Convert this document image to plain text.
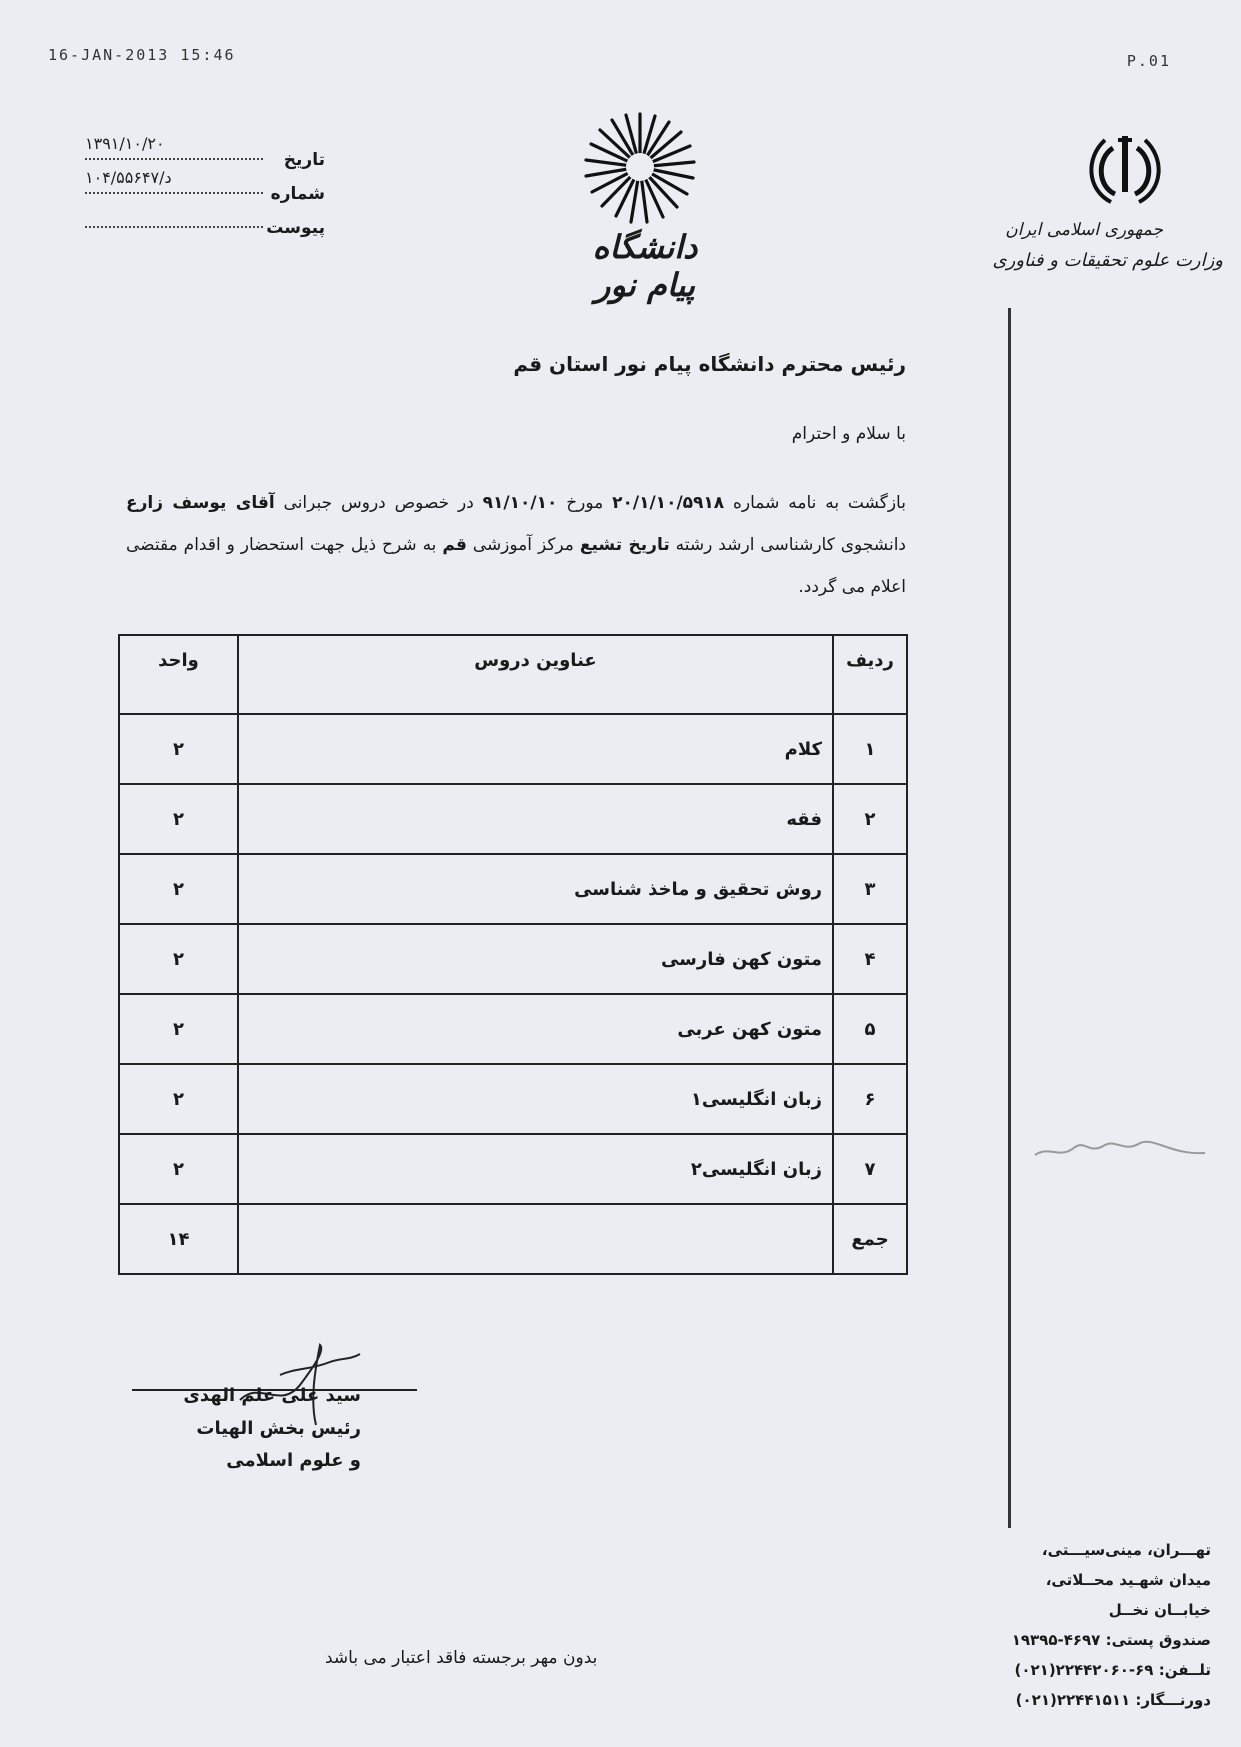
16-JAN-2013 15:46	P.01
تاریخ
۱۳۹۱/۱۰/۲۰
شماره
۱۰۴/۵۵۶۴۷/د
پیوست	دانشگاه پیام نور
جمهوری اسلامی ایران
وزارت علوم تحقیقات و فناوری
رئیس محترم دانشگاه پیام نور استان قم
با سلام و احترام
بازگشت به نامه شماره ۲۰/۱/۱۰/۵۹۱۸ مورخ ۹۱/۱۰/۱۰ در خصوص دروس جبرانی آقای یوسف زارع دانشجوی کارشناسی ارشد رشته تاریخ تشیع مرکز آموزشی قم به شرح ذیل جهت استحضار و اقدام مقتضی اعلام می گردد.
ردیف	عناوین دروس	واحد
۱	کلام	۲
۲	فقه	۲
۳	روش تحقیق و ماخذ شناسی	۲
۴	متون کهن فارسی	۲
۵	متون کهن عربی	۲
۶	زبان انگلیسی۱	۲
۷	زبان انگلیسی۲	۲
جمع		۱۴
سید علی علم الهدی
رئیس بخش الهیات
و علوم اسلامی
بدون مهر برجسته فاقد اعتبار می باشد
تهـــران، مینی‌سیـــتی،
میدان شهـید محــلاتی،
خیابــان نخــل
صندوق پستی: ۴۶۹۷-۱۹۳۹۵
تلــفن: ۶۹-۲۲۴۴۲۰۶۰(۰۲۱)
دورنـــگار: ۲۲۴۴۱۵۱۱(۰۲۱)
